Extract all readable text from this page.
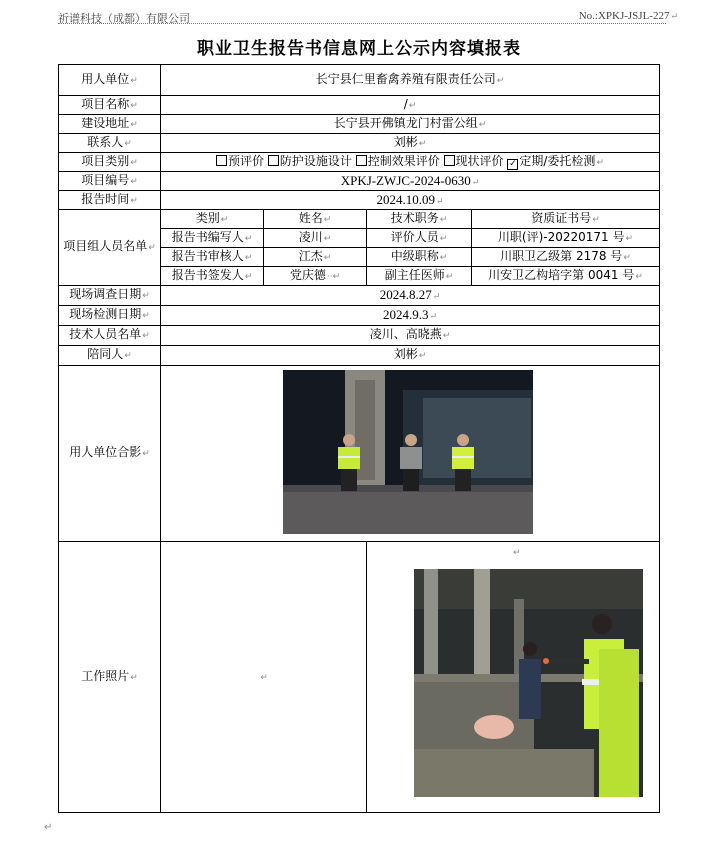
祈谱科技（成都）有限公司	No.:XPKJ-JSJL-227↵
职业卫生报告书信息网上公示内容填报表
用人单位↵	长宁县仁里畜禽养殖有限责任公司↵			
项目名称↵	/↵			
建设地址↵	长宁县开佛镇龙门村雷公组↵			
联系人↵	刘彬↵			
项目类别↵	预评价 防护设施设计 控制效果评价 现状评价 ✓ 定期/委托检测↵			
项目编号↵	XPKJ-ZWJC-2024-0630↵			
报告时间↵	2024.10.09↵			
项目组人员名单↵	类别↵	姓名↵	技术职务↵	资质证书号↵
	报告书编写人↵	凌川↵	评价人员↵	川职(评)-20220171 号↵
	报告书审核人↵	江杰↵	中级职称↵	川职卫乙级第 2178 号↵
	报告书签发人↵	党庆德··↵	副主任医师↵	川安卫乙构培字第 0041 号↵
现场调查日期↵	2024.8.27↵			
现场检测日期↵	2024.9.3↵			
技术人员名单↵	凌川、高晓燕↵			
陪同人↵	刘彬↵			
用人单位合影↵	

工作照片↵	↵		↵	
↵
